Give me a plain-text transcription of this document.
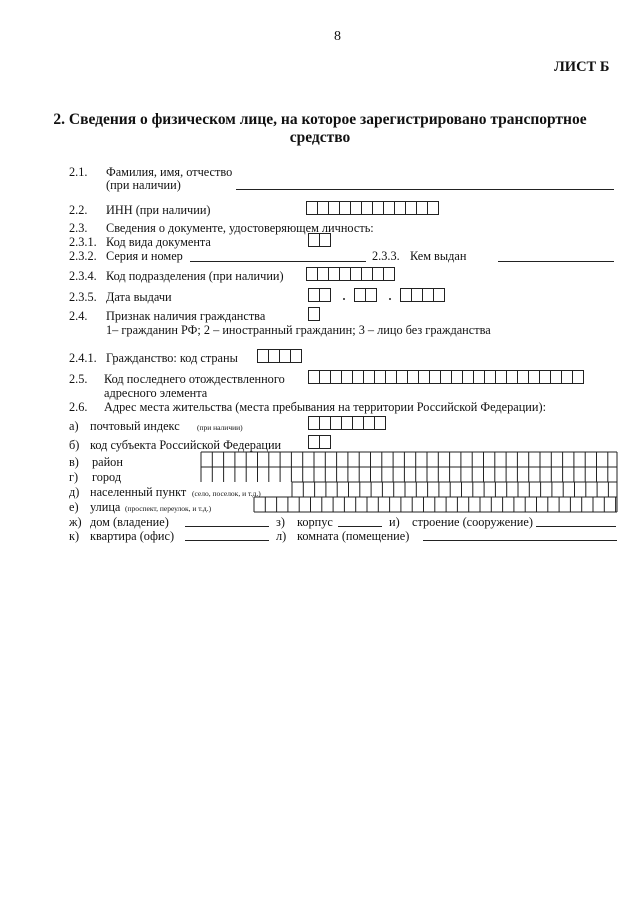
8
ЛИСТ Б
2. Сведения о физическом лице, на которое зарегистрировано транспортное
средство
2.1. Фамилия, имя, отчество
(при наличии)
2.2. ИНН (при наличии)
2.3. Сведения о документе, удостоверяющем личность:
2.3.1. Код вида документа
2.3.2. Серия и номер	2.3.3. Кем выдан
2.3.4. Код подразделения (при наличии)
2.3.5. Дата выдачи
2.4. Признак наличия гражданства
1– гражданин РФ; 2 – иностранный гражданин; 3 – лицо без гражданства
2.4.1. Гражданство: код страны
2.5. Код последнего отождествленного
адресного элемента
2.6. Адрес места жительства (места пребывания на территории Российской Федерации):
а) почтовый индекс (при наличии)
б) код субъекта Российской Федерации
в) район
г) город
д) населенный пункт (село, поселок, и т.д.)
е) улица (проспект, переулок, и т.д.)
ж) дом (владение)	з) корпус	и) строение (сооружение)
к) квартира (офис)	л) комната (помещение)
